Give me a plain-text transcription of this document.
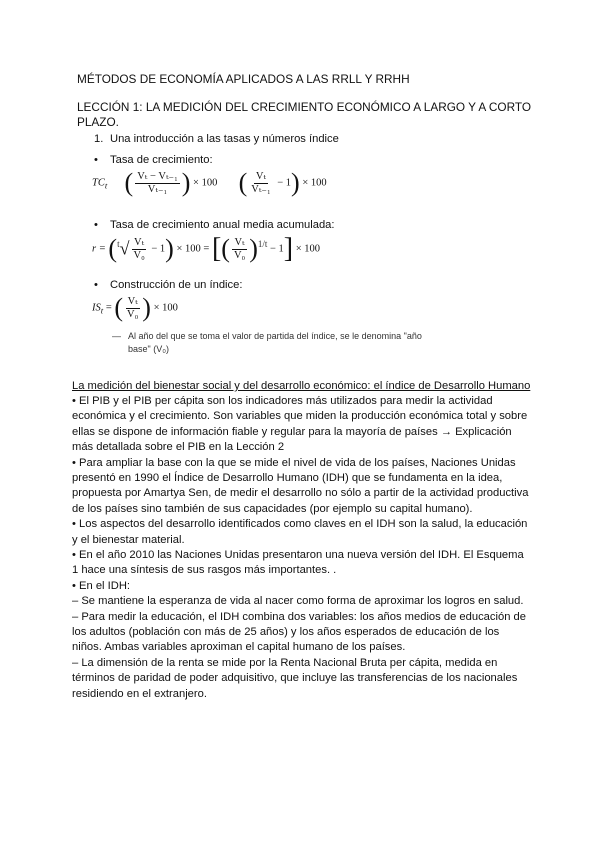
MÉTODOS DE ECONOMÍA APLICADOS A LAS RRLL Y RRHH
LECCIÓN 1: LA MEDICIÓN DEL CRECIMIENTO ECONÓMICO A LARGO Y A CORTO
PLAZO.
1. Una introducción a las tasas y números índice
• Tasa de crecimiento:
$TC_t$ ( $\frac{\text{Vₜ − Vₜ₋₁}}{\text{Vₜ₋₁}}$ ) × 100 ( $\frac{\text{Vₜ}}{\text{Vₜ₋₁}} - 1) \times 100$
• Tasa de crecimiento anual media acumulada:
$r = (^t√ \frac{\text{Vₜ}}{\text{V₀}} - 1) \times 100$ = [( $\frac{\text{Vₜ}}{\text{V₀}} )^{1/t} - 1] \times 100$
• Construcción de un índice:
$IS_t$ = ( $\frac{\text{Vₜ}}{\text{V₀}}$ ) × 100
— Al año del que se toma el valor de partida del índice, se le denomina "año
base" (V₀)
La medición del bienestar social y del desarrollo económico: el índice de Desarrollo Humano
• El PIB y el PIB per cápita son los indicadores más utilizados para medir la actividad
económica y el crecimiento. Son variables que miden la producción económica total y sobre
ellas se dispone de información fiable y regular para la mayoría de países → Explicación
más detallada sobre el PIB en la Lección 2
• Para ampliar la base con la que se mide el nivel de vida de los países, Naciones Unidas
presentó en 1990 el Índice de Desarrollo Humano (IDH) que se fundamenta en la idea,
propuesta por Amartya Sen, de medir el desarrollo no sólo a partir de la actividad productiva
de los países sino también de sus capacidades (por ejemplo su capital humano).
• Los aspectos del desarrollo identificados como claves en el IDH son la salud, la educación
y el bienestar material.
• En el año 2010 las Naciones Unidas presentaron una nueva versión del IDH. El Esquema
1 hace una síntesis de sus rasgos más importantes. .
• En el IDH:
– Se mantiene la esperanza de vida al nacer como forma de aproximar los logros en salud.
– Para medir la educación, el IDH combina dos variables: los años medios de educación de
los adultos (población con más de 25 años) y los años esperados de educación de los
niños. Ambas variables aproximan el capital humano de los países.
– La dimensión de la renta se mide por la Renta Nacional Bruta per cápita, medida en
términos de paridad de poder adquisitivo, que incluye las transferencias de los nacionales
residiendo en el extranjero.
